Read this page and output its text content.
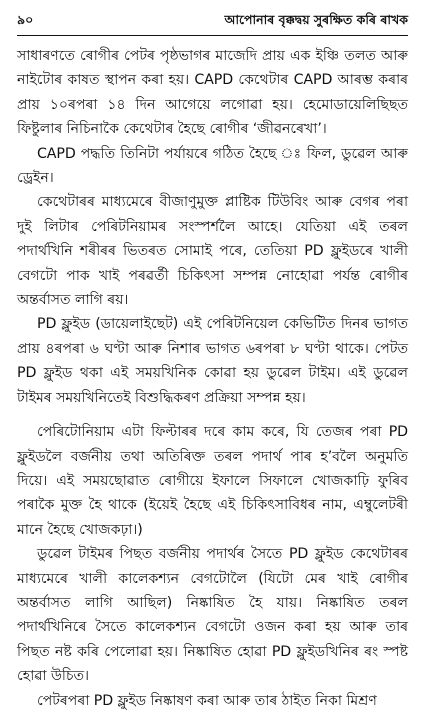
৯০	আপোনাৰ বৃক্কদ্বয় সুৰক্ষিত কৰি ৰাখক

সাধাৰণতে ৰোগীৰ পেটৰ পৃষ্ঠভাগৰ মাজেদি প্ৰায় এক ইঞ্চি তলত আৰু নাইটোৰ কাষত স্থাপন কৰা হয়। CAPD কেথেটাৰ CAPD আৰম্ভ কৰাৰ প্ৰায় ১০ৰপৰা ১৪ দিন আগেয়ে লগোৱা হয়। হেমোডায়েলিছিছত ফিষ্টুলাৰ নিচিনাকৈ কেথেটাৰ হৈছে ৰোগীৰ ‘জীৱনৰেখা’।

CAPD পদ্ধতি তিনিটা পৰ্যায়ৰে গঠিত হৈছে ঃ ফিল, ডুৱেল আৰু ড্ৰেইন।

কেথেটাৰৰ মাধ্যমেৰে বীজাণুমুক্ত প্লাষ্টিক টিউবিং আৰু বেগৰ পৰা দুই লিটাৰ পেৰিটনিয়ামৰ সংস্পৰ্শলৈ আহে। যেতিয়া এই তৰল পদাৰ্থখিনি শৰীৰৰ ভিতৰত সোমাই পৰে, তেতিয়া PD ফ্লুইডৰে খালী বেগটো পাক খাই পৰৱৰ্তী চিকিৎসা সম্পন্ন নোহোৱা পৰ্যন্ত ৰোগীৰ অন্তৰ্বাসত লাগি ৰয়।

PD ফ্লুইড (ডায়েলাইছেট) এই পেৰিটনিয়েল কেভিটিত দিনৰ ভাগত প্ৰায় ৪ৰপৰা ৬ ঘণ্টা আৰু নিশাৰ ভাগত ৬ৰপৰা ৮ ঘণ্টা থাকে। পেটত PD ফ্লুইড থকা এই সময়খিনিক কোৱা হয় ডুৱেল টাইম। এই ডুৱেল টাইমৰ সময়খিনিতেই বিশুদ্ধিকৰণ প্ৰক্ৰিয়া সম্পন্ন হয়।

পেৰিটোনিয়াম এটা ফিল্টাৰৰ দৰে কাম কৰে, যি তেজৰ পৰা PD ফ্লুইডলৈ বৰ্জনীয় তথা অতিৰিক্ত তৰল পদাৰ্থ পাৰ হ’বলৈ অনুমতি দিয়ে। এই সময়ছোৱাত ৰোগীয়ে ইফালে সিফালে খোজকাঢ়ি ফুৰিব পৰাকৈ মুক্ত হৈ থাকে (ইয়েই হৈছে এই চিকিৎসাবিধৰ নাম, এম্বুলেটৰী মানে হৈছে খোজকঢ়া।)

ডুৱেল টাইমৰ পিছত বৰ্জনীয় পদাৰ্থৰ সৈতে PD ফ্লুইড কেথেটাৰৰ মাধ্যমেৰে খালী কালেকশ্যন বেগটোলৈ (যিটো মেৰ খাই ৰোগীৰ অন্তৰ্বাসত লাগি আছিল) নিষ্কাষিত হৈ যায়। নিষ্কাষিত তৰল পদাৰ্থখিনিৰে সৈতে কালেকশ্যন বেগটো ওজন কৰা হয় আৰু তাৰ পিছত নষ্ট কৰি পেলোৱা হয়। নিষ্কাষিত হোৱা PD ফ্লুইডখিনিৰ ৰং স্পষ্ট হোৱা উচিত।

পেটৰপৰা PD ফ্লুইড নিষ্কাষণ কৰা আৰু তাৰ ঠাইত নিকা মিশ্ৰণ
